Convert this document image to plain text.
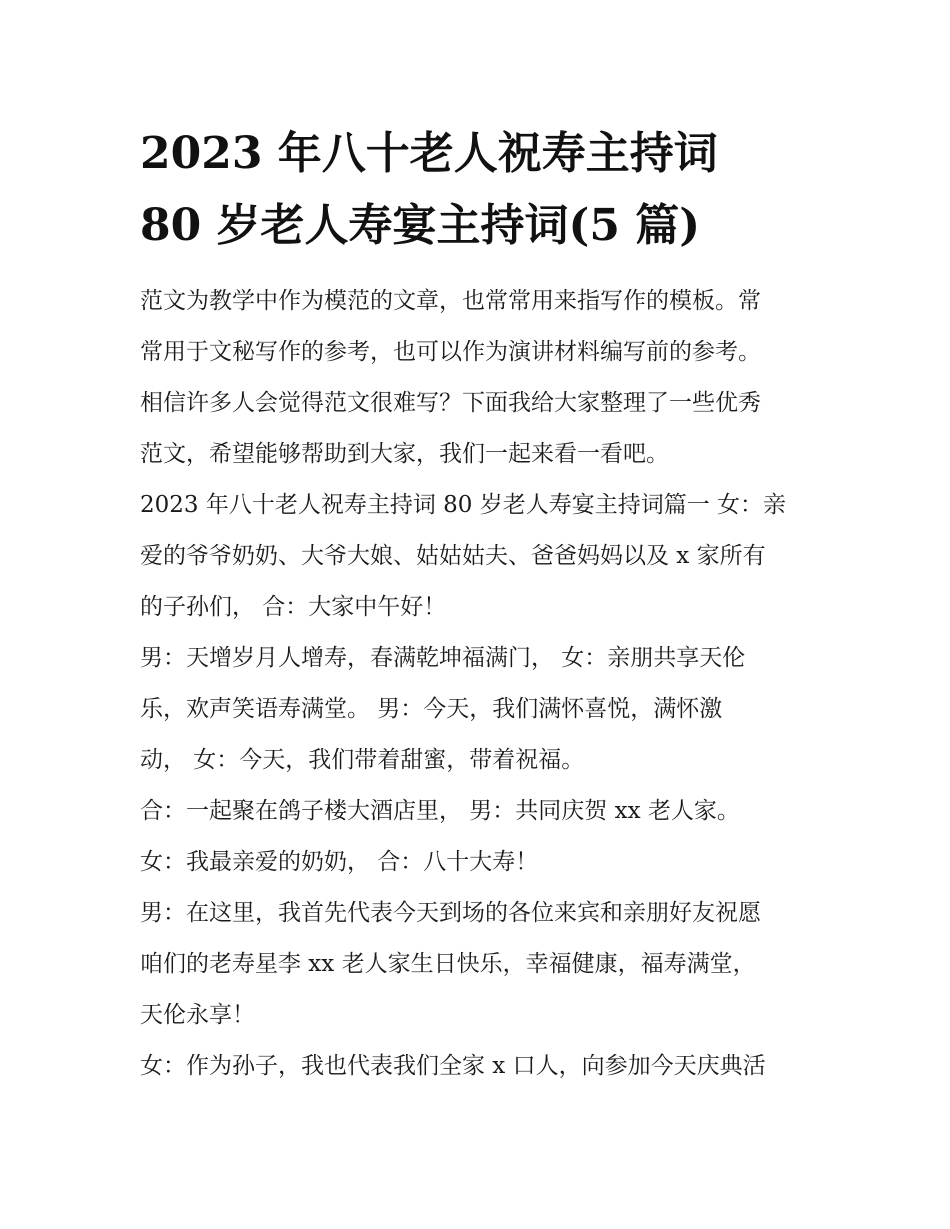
2023 年八十老人祝寿主持词
80 岁老人寿宴主持词(5 篇)
范文为教学中作为模范的文章，也常常用来指写作的模板。常
常用于文秘写作的参考，也可以作为演讲材料编写前的参考。
相信许多人会觉得范文很难写？下面我给大家整理了一些优秀
范文，希望能够帮助到大家，我们一起来看一看吧。
2023 年八十老人祝寿主持词 80 岁老人寿宴主持词篇一 女：亲
爱的爷爷奶奶、大爷大娘、姑姑姑夫、爸爸妈妈以及 x 家所有
的子孙们， 合：大家中午好！
男：天增岁月人增寿，春满乾坤福满门， 女：亲朋共享天伦
乐，欢声笑语寿满堂。 男：今天，我们满怀喜悦，满怀激
动， 女：今天，我们带着甜蜜，带着祝福。
合：一起聚在鸽子楼大酒店里， 男：共同庆贺 xx 老人家。
女：我最亲爱的奶奶， 合：八十大寿！
男：在这里，我首先代表今天到场的各位来宾和亲朋好友祝愿
咱们的老寿星李 xx 老人家生日快乐，幸福健康，福寿满堂，
天伦永享！
女：作为孙子，我也代表我们全家 x 口人，向参加今天庆典活
